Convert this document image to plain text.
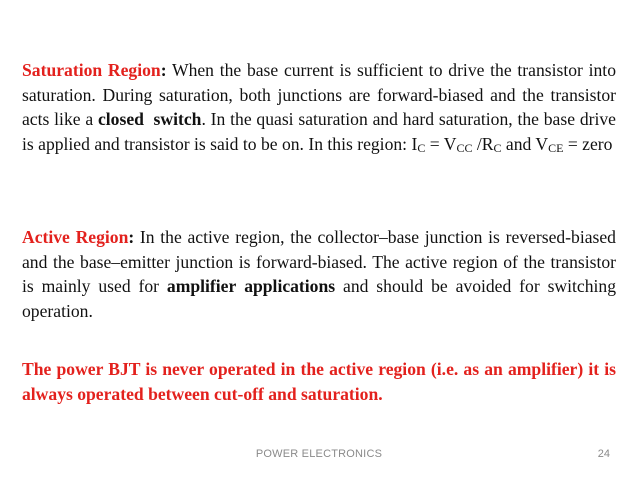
Saturation Region: When the base current is sufficient to drive the transistor into saturation. During saturation, both junctions are forward-biased and the transistor acts like a closed switch. In the quasi saturation and hard saturation, the base drive is applied and transistor is said to be on. In this region: IC = VCC /RC and VCE = zero

Active Region: In the active region, the collector–base junction is reversed-biased and the base–emitter junction is forward-biased. The active region of the transistor is mainly used for amplifier applications and should be avoided for switching operation.

The power BJT is never operated in the active region (i.e. as an amplifier) it is always operated between cut-off and saturation.

POWER ELECTRONICS	24
